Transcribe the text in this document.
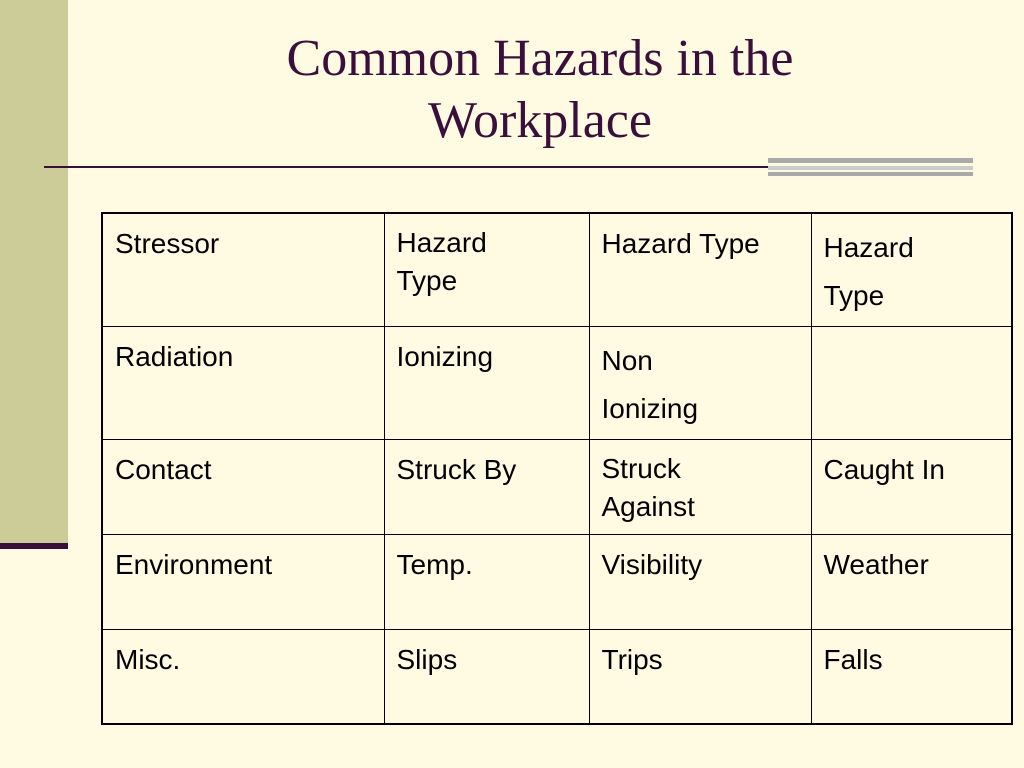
Common Hazards in the
Workplace
Stressor	Hazard Type	Hazard Type	Hazard Type
Radiation	Ionizing	Non Ionizing	
Contact	Struck By	Struck Against	Caught In
Environment	Temp.	Visibility	Weather
Misc.	Slips	Trips	Falls
